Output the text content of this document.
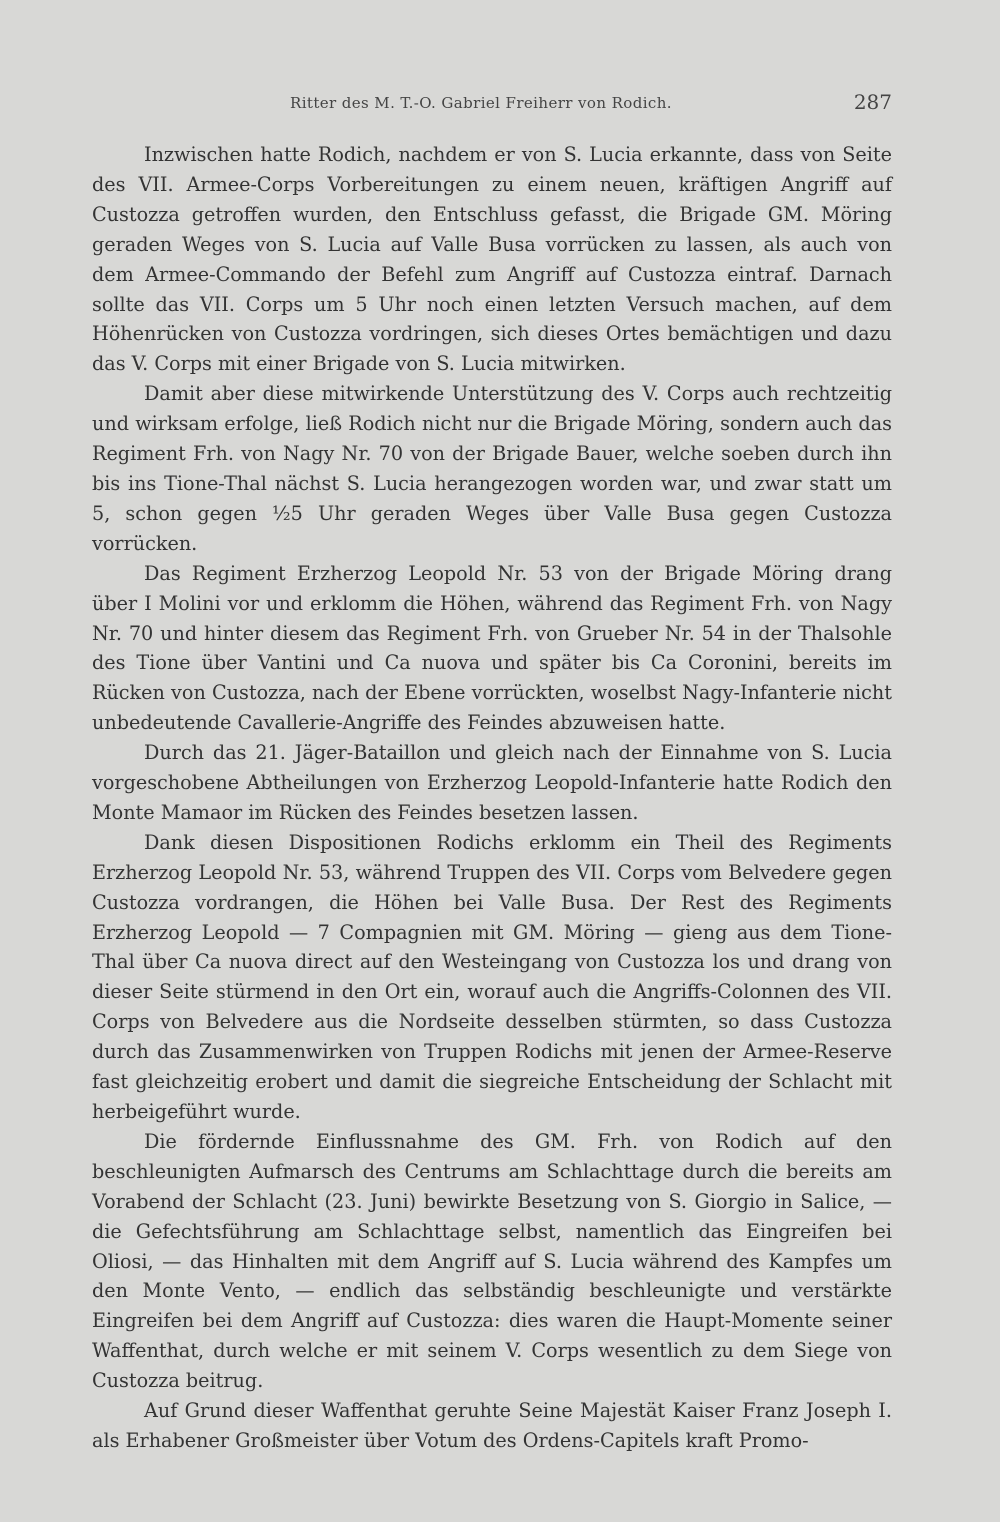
Ritter des M. T.-O. Gabriel Freiherr von Rodich.	287

Inzwischen hatte Rodich, nachdem er von S. Lucia erkannte, dass von Seite des VII. Armee-Corps Vorbereitungen zu einem neuen, kräftigen Angriff auf Custozza getroffen wurden, den Entschluss gefasst, die Brigade GM. Möring geraden Weges von S. Lucia auf Valle Busa vorrücken zu lassen, als auch von dem Armee-Commando der Befehl zum Angriff auf Custozza eintraf. Darnach sollte das VII. Corps um 5 Uhr noch einen letzten Versuch machen, auf dem Höhenrücken von Custozza vordringen, sich dieses Ortes bemächtigen und dazu das V. Corps mit einer Brigade von S. Lucia mitwirken.

Damit aber diese mitwirkende Unterstützung des V. Corps auch rechtzeitig und wirksam erfolge, ließ Rodich nicht nur die Brigade Möring, sondern auch das Regiment Frh. von Nagy Nr. 70 von der Brigade Bauer, welche soeben durch ihn bis ins Tione-Thal nächst S. Lucia herangezogen worden war, und zwar statt um 5, schon gegen ½5 Uhr geraden Weges über Valle Busa gegen Custozza vorrücken.

Das Regiment Erzherzog Leopold Nr. 53 von der Brigade Möring drang über I Molini vor und erklomm die Höhen, während das Regiment Frh. von Nagy Nr. 70 und hinter diesem das Regiment Frh. von Grueber Nr. 54 in der Thalsohle des Tione über Vantini und Ca nuova und später bis Ca Coronini, bereits im Rücken von Custozza, nach der Ebene vorrückten, woselbst Nagy-Infanterie nicht unbedeutende Cavallerie-Angriffe des Feindes abzuweisen hatte.

Durch das 21. Jäger-Bataillon und gleich nach der Einnahme von S. Lucia vorgeschobene Abtheilungen von Erzherzog Leopold-Infanterie hatte Rodich den Monte Mamaor im Rücken des Feindes besetzen lassen.

Dank diesen Dispositionen Rodichs erklomm ein Theil des Regiments Erzherzog Leopold Nr. 53, während Truppen des VII. Corps vom Belvedere gegen Custozza vordrangen, die Höhen bei Valle Busa. Der Rest des Regiments Erzherzog Leopold — 7 Compagnien mit GM. Möring — gieng aus dem Tione-Thal über Ca nuova direct auf den Westeingang von Custozza los und drang von dieser Seite stürmend in den Ort ein, worauf auch die Angriffs-Colonnen des VII. Corps von Belvedere aus die Nordseite desselben stürmten, so dass Custozza durch das Zusammenwirken von Truppen Rodichs mit jenen der Armee-Reserve fast gleichzeitig erobert und damit die siegreiche Entscheidung der Schlacht mit herbeigeführt wurde.

Die fördernde Einflussnahme des GM. Frh. von Rodich auf den beschleunigten Aufmarsch des Centrums am Schlachttage durch die bereits am Vorabend der Schlacht (23. Juni) bewirkte Besetzung von S. Giorgio in Salice, — die Gefechtsführung am Schlachttage selbst, namentlich das Eingreifen bei Oliosi, — das Hinhalten mit dem Angriff auf S. Lucia während des Kampfes um den Monte Vento, — endlich das selbständig beschleunigte und verstärkte Eingreifen bei dem Angriff auf Custozza: dies waren die Haupt-Momente seiner Waffenthat, durch welche er mit seinem V. Corps wesentlich zu dem Siege von Custozza beitrug.

Auf Grund dieser Waffenthat geruhte Seine Majestät Kaiser Franz Joseph I. als Erhabener Großmeister über Votum des Ordens-Capitels kraft Promo-
